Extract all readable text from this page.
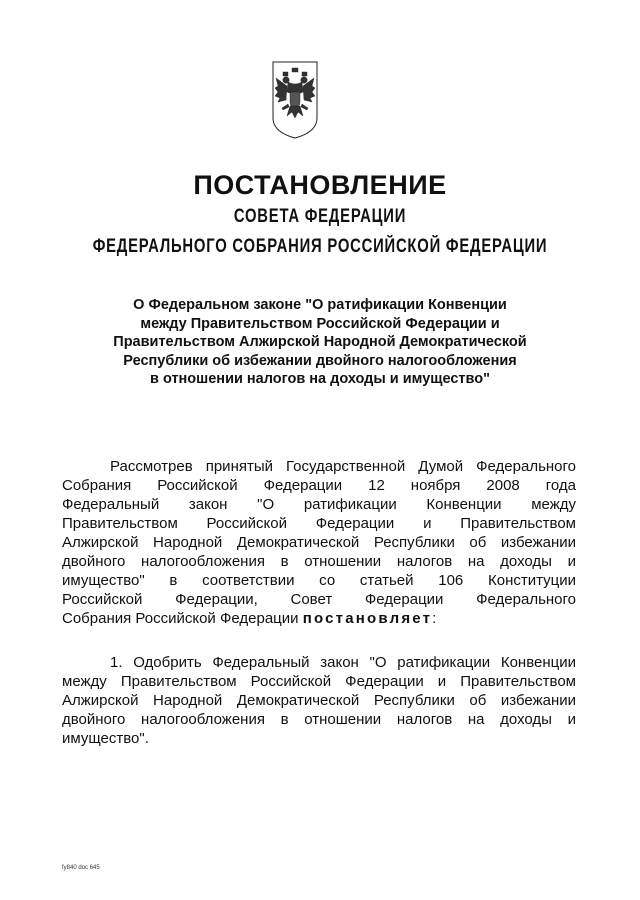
ПОСТАНОВЛЕНИЕ
СОВЕТА ФЕДЕРАЦИИ
ФЕДЕРАЛЬНОГО СОБРАНИЯ РОССИЙСКОЙ ФЕДЕРАЦИИ
О Федеральном законе "О ратификации Конвенции
между Правительством Российской Федерации и
Правительством Алжирской Народной Демократической
Республики об избежании двойного налогообложения
в отношении налогов на доходы и имущество"
Рассмотрев принятый Государственной Думой Федерального
Собрания Российской Федерации 12 ноября 2008 года
Федеральный закон "О ратификации Конвенции между
Правительством Российской Федерации и Правительством
Алжирской Народной Демократической Республики об избежании
двойного налогообложения в отношении налогов на доходы и
имущество" в соответствии со статьей 106 Конституции
Российской Федерации, Совет Федерации Федерального
Собрания Российской Федерации постановляет:
1. Одобрить Федеральный закон "О ратификации Конвенции
между Правительством Российской Федерации и Правительством
Алжирской Народной Демократической Республики об избежании
двойного налогообложения в отношении налогов на доходы и
имущество".
fy840 doc 645
